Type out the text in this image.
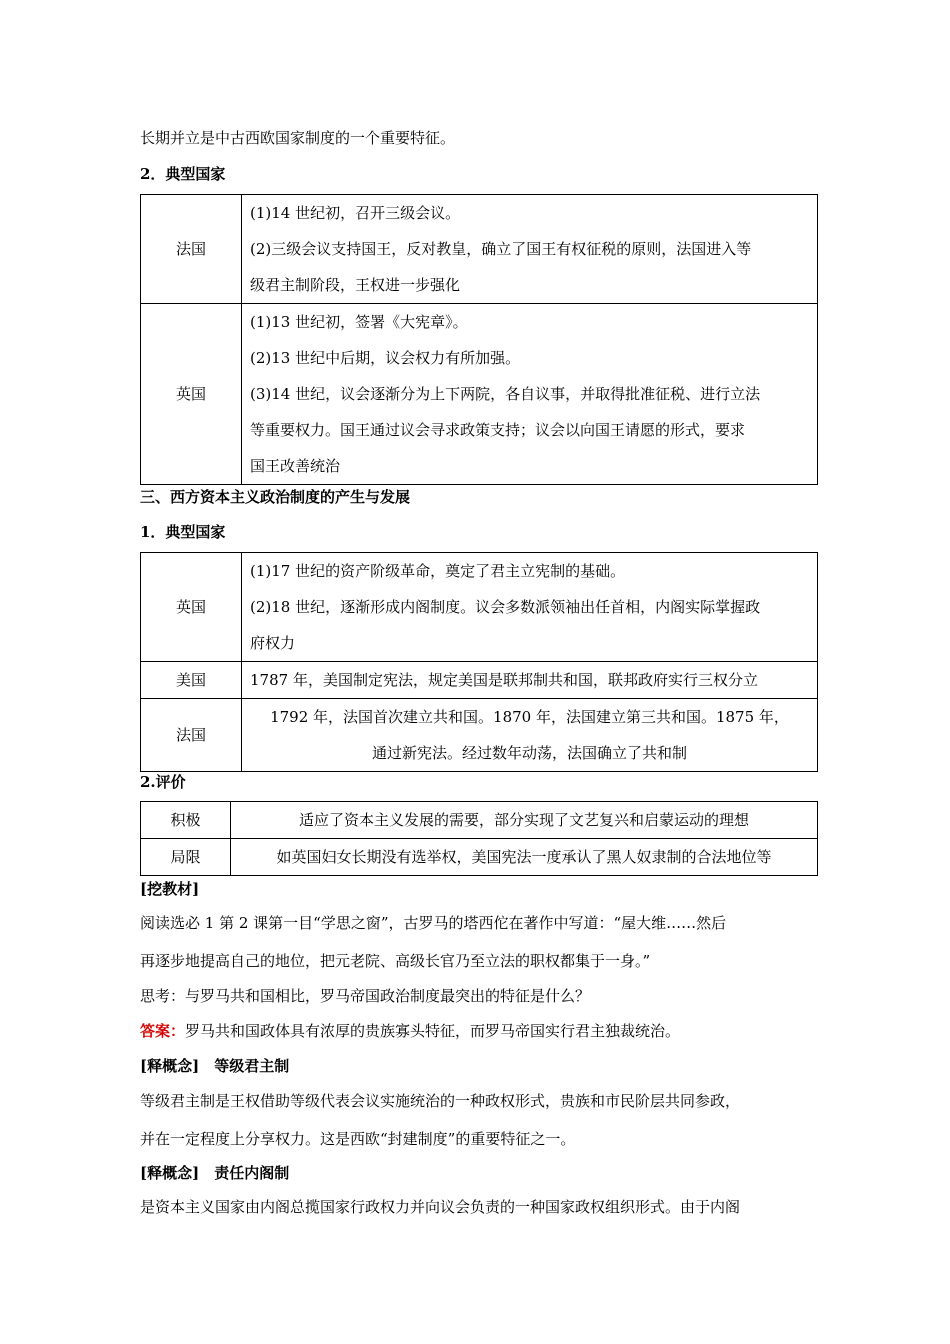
长期并立是中古西欧国家制度的一个重要特征。
2．典型国家
法国	(1)14 世纪初，召开三级会议。
(2)三级会议支持国王，反对教皇，确立了国王有权征税的原则，法国进入等
级君主制阶段，王权进一步强化

英国	(1)13 世纪初，签署《大宪章》。
(2)13 世纪中后期，议会权力有所加强。
(3)14 世纪，议会逐渐分为上下两院，各自议事，并取得批准征税、进行立法
等重要权力。国王通过议会寻求政策支持；议会以向国王请愿的形式，要求
国王改善统治
三、西方资本主义政治制度的产生与发展
1．典型国家
英国	(1)17 世纪的资产阶级革命，奠定了君主立宪制的基础。
(2)18 世纪，逐渐形成内阁制度。议会多数派领袖出任首相，内阁实际掌握政
府权力

美国	1787 年，美国制定宪法，规定美国是联邦制共和国，联邦政府实行三权分立

法国	1792 年，法国首次建立共和国。1870 年，法国建立第三共和国。1875 年，
通过新宪法。经过数年动荡，法国确立了共和制
2.评价
积极	适应了资本主义发展的需要，部分实现了文艺复兴和启蒙运动的理想
局限	如英国妇女长期没有选举权，美国宪法一度承认了黑人奴隶制的合法地位等
[挖教材]
阅读选必 1 第 2 课第一目“学思之窗”，古罗马的塔西佗在著作中写道：“屋大维……然后
再逐步地提高自己的地位，把元老院、高级长官乃至立法的职权都集于一身。”
思考：与罗马共和国相比，罗马帝国政治制度最突出的特征是什么？
答案：罗马共和国政体具有浓厚的贵族寡头特征，而罗马帝国实行君主独裁统治。
[释概念]　等级君主制
等级君主制是王权借助等级代表会议实施统治的一种政权形式，贵族和市民阶层共同参政，
并在一定程度上分享权力。这是西欧“封建制度”的重要特征之一。
[释概念]　责任内阁制
是资本主义国家由内阁总揽国家行政权力并向议会负责的一种国家政权组织形式。由于内阁
